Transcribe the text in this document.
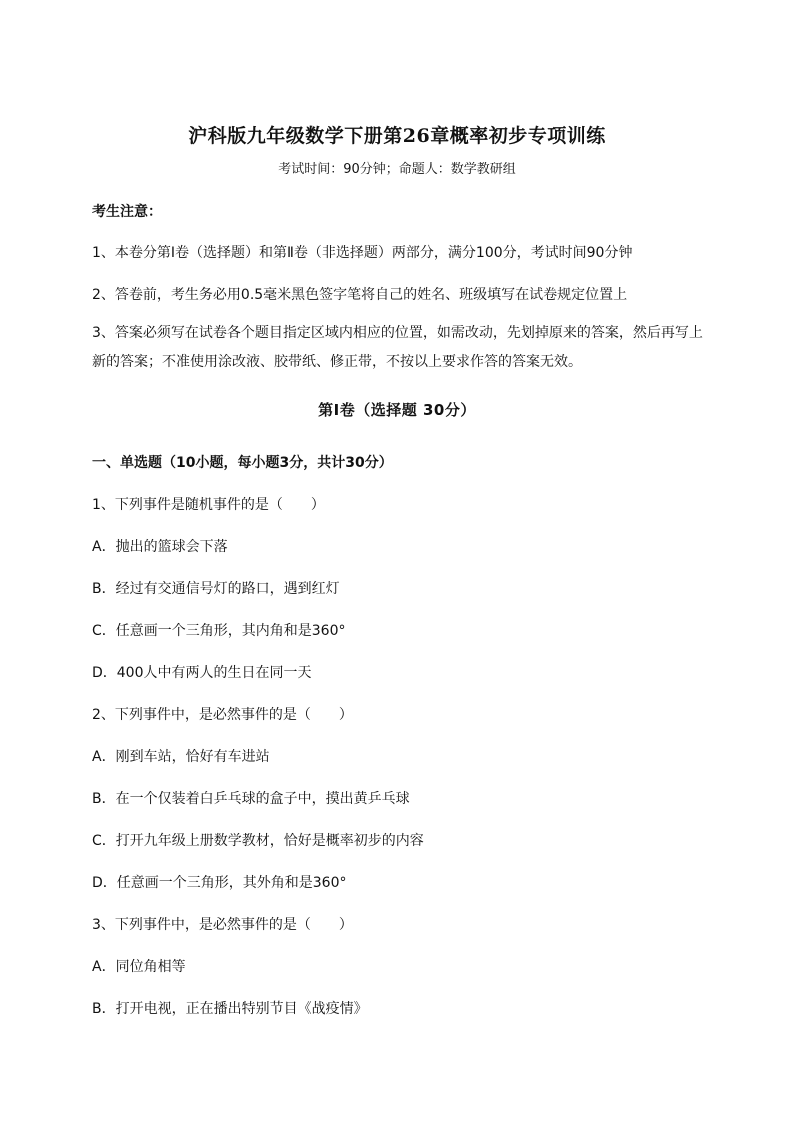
沪科版九年级数学下册第26章概率初步专项训练
考试时间：90分钟；命题人：数学教研组
考生注意：
1、本卷分第I卷（选择题）和第Ⅱ卷（非选择题）两部分，满分100分，考试时间90分钟
2、答卷前，考生务必用0.5毫米黑色签字笔将自己的姓名、班级填写在试卷规定位置上
3、答案必须写在试卷各个题目指定区域内相应的位置，如需改动，先划掉原来的答案，然后再写上新的答案；不准使用涂改液、胶带纸、修正带，不按以上要求作答的答案无效。
第I卷（选择题 30分）
一、单选题（10小题，每小题3分，共计30分）
1、下列事件是随机事件的是（　　）
A．抛出的篮球会下落
B．经过有交通信号灯的路口，遇到红灯
C．任意画一个三角形，其内角和是360°
D．400人中有两人的生日在同一天
2、下列事件中，是必然事件的是（　　）
A．刚到车站，恰好有车进站
B．在一个仅装着白乒乓球的盒子中，摸出黄乒乓球
C．打开九年级上册数学教材，恰好是概率初步的内容
D．任意画一个三角形，其外角和是360°
3、下列事件中，是必然事件的是（　　）
A．同位角相等
B．打开电视，正在播出特别节目《战疫情》
